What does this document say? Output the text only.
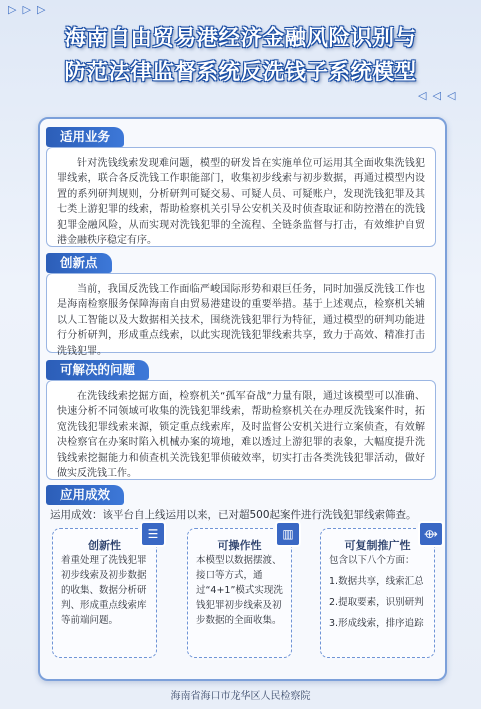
▷ ▷ ▷
◁ ◁ ◁
海南自由贸易港经济金融风险识别与
防范法律监督系统反洗钱子系统模型
适用业务

针对洗钱线索发现难问题，模型的研发旨在实施单位可运用其全面收集洗钱犯罪线索，联合各反洗钱工作职能部门，收集初步线索与初步数据，再通过模型内设置的系列研判规则，分析研判可疑交易、可疑人员、可疑账户，发现洗钱犯罪及其七类上游犯罪的线索，帮助检察机关引导公安机关及时侦查取证和防控潜在的洗钱犯罪金融风险，从而实现对洗钱犯罪的全流程、全链条监督与打击，有效维护自贸港金融秩序稳定有序。

创新点

当前，我国反洗钱工作面临严峻国际形势和艰巨任务，同时加强反洗钱工作也是海南检察服务保障海南自由贸易港建设的重要举措。基于上述观点，检察机关辅以人工智能以及大数据相关技术，围绕洗钱犯罪行为特征，通过模型的研判功能进行分析研判，形成重点线索，以此实现洗钱犯罪线索共享，致力于高效、精准打击洗钱犯罪。

可解决的问题

在洗钱线索挖掘方面，检察机关“孤军奋战”力量有限，通过该模型可以准确、快速分析不同领域可收集的洗钱犯罪线索，帮助检察机关在办理反洗钱案件时，拓宽洗钱犯罪线索来源，锁定重点线索库，及时监督公安机关进行立案侦查，有效解决检察官在办案时陷入机械办案的境地，难以透过上游犯罪的表象，大幅度提升洗钱线索挖掘能力和侦查机关洗钱犯罪侦破效率，切实打击各类洗钱犯罪活动，做好做实反洗钱工作。

应用成效
运用成效：该平台自上线运用以来，已对超500起案件进行洗钱犯罪线索筛查。
☰
创新性
着重处理了洗钱犯罪初步线索及初步数据的收集、数据分析研判、形成重点线索库等前端问题。
▥
可操作性
本模型以数据摆渡、接口等方式，通过“4+1”模式实现洗钱犯罪初步线索及初步数据的全面收集。
⟴
可复制推广性
包含以下八个方面：
1.数据共享，线索汇总
2.提取要素，识别研判
3.形成线索，排序追踪
海南省海口市龙华区人民检察院
